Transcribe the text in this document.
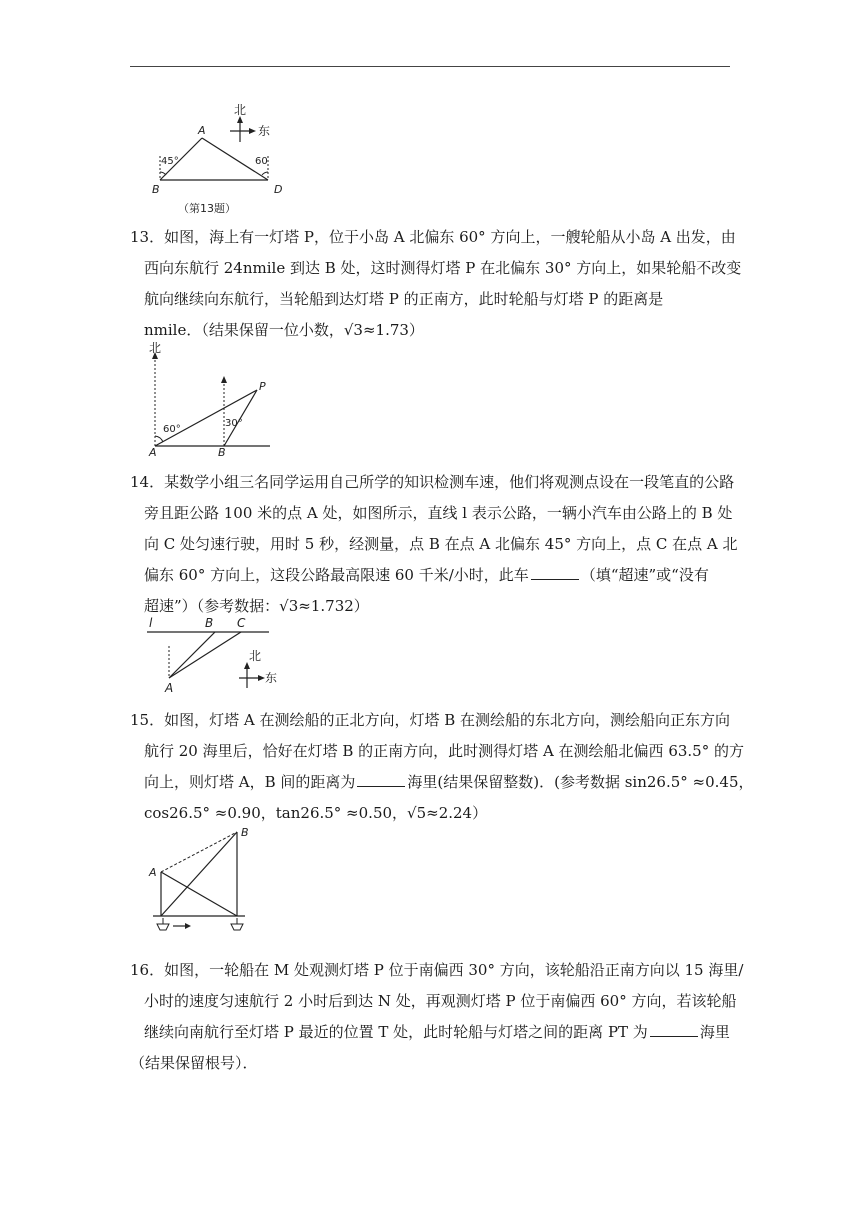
北
东
A
B	D
45°	60
（第13题）

13．如图，海上有一灯塔 P，位于小岛 A 北偏东 60° 方向上，一艘轮船从小岛 A 出发，由
西向东航行 24nmile 到达 B 处，这时测得灯塔 P 在北偏东 30° 方向上，如果轮船不改变
航向继续向东航行，当轮船到达灯塔 P 的正南方，此时轮船与灯塔 P 的距离是
nmile．（结果保留一位小数，√3≈1.73）

北
P
A	B
60°
30°

14．某数学小组三名同学运用自己所学的知识检测车速，他们将观测点设在一段笔直的公路
旁且距公路 100 米的点 A 处，如图所示，直线 l 表示公路，一辆小汽车由公路上的 B 处
向 C 处匀速行驶，用时 5 秒，经测量，点 B 在点 A 北偏东 45° 方向上，点 C 在点 A 北
偏东 60° 方向上，这段公路最高限速 60 千米/小时，此车	（填“超速”或“没有
超速”）（参考数据：√3≈1.732）

l	B C
A
北
东

15．如图，灯塔 A 在测绘船的正北方向，灯塔 B 在测绘船的东北方向，测绘船向正东方向
航行 20 海里后，恰好在灯塔 B 的正南方向，此时测得灯塔 A 在测绘船北偏西 63.5° 的方
向上，则灯塔 A，B 间的距离为	海里(结果保留整数)．(参考数据 sin26.5° ≈0.45，
cos26.5° ≈0.90，tan26.5° ≈0.50，√5≈2.24）

A
B

16．如图，一轮船在 M 处观测灯塔 P 位于南偏西 30° 方向，该轮船沿正南方向以 15 海里/
小时的速度匀速航行 2 小时后到达 N 处，再观测灯塔 P 位于南偏西 60° 方向，若该轮船
继续向南航行至灯塔 P 最近的位置 T 处，此时轮船与灯塔之间的距离 PT 为	海里
（结果保留根号）．
